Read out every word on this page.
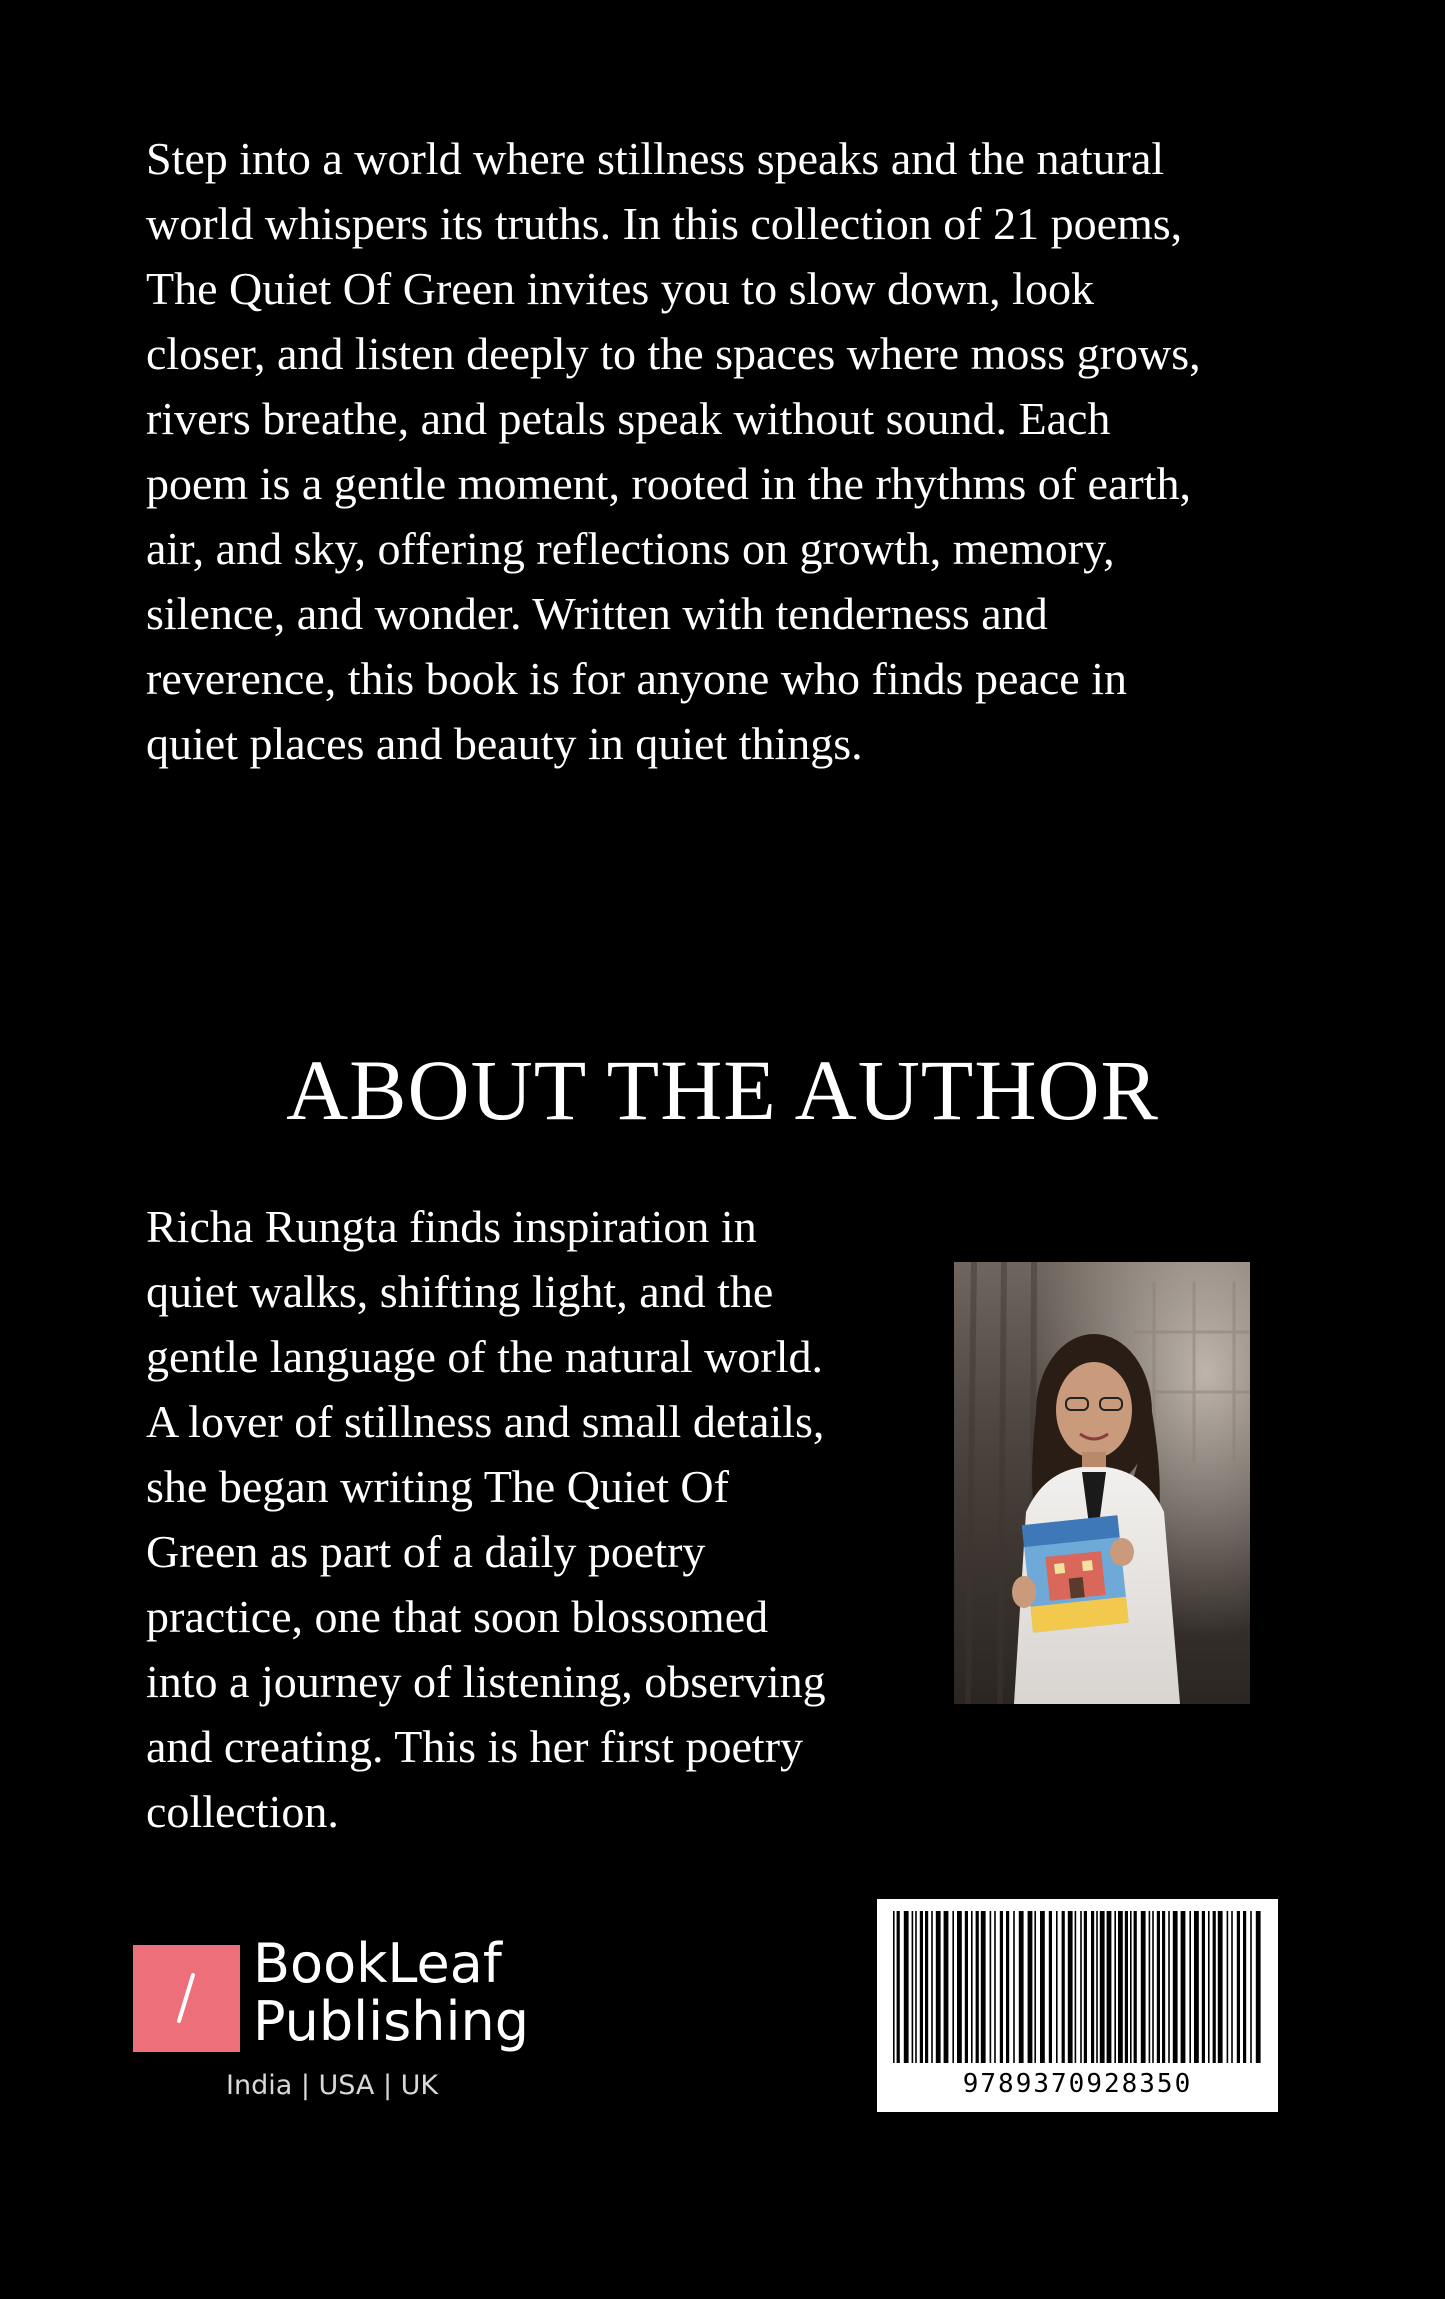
Step into a world where stillness speaks and the natural
world whispers its truths. In this collection of 21 poems,
The Quiet Of Green invites you to slow down, look
closer, and listen deeply to the spaces where moss grows,
rivers breathe, and petals speak without sound. Each
poem is a gentle moment, rooted in the rhythms of earth,
air, and sky, offering reflections on growth, memory,
silence, and wonder. Written with tenderness and
reverence, this book is for anyone who finds peace in
quiet places and beauty in quiet things.

ABOUT THE AUTHOR

Richa Rungta finds inspiration in
quiet walks, shifting light, and the
gentle language of the natural world.
A lover of stillness and small details,
she began writing The Quiet Of
Green as part of a daily poetry
practice, one that soon blossomed
into a journey of listening, observing
and creating. This is her first poetry
collection.

BookLeaf
Publishing
India | USA | UK	9789370928350
